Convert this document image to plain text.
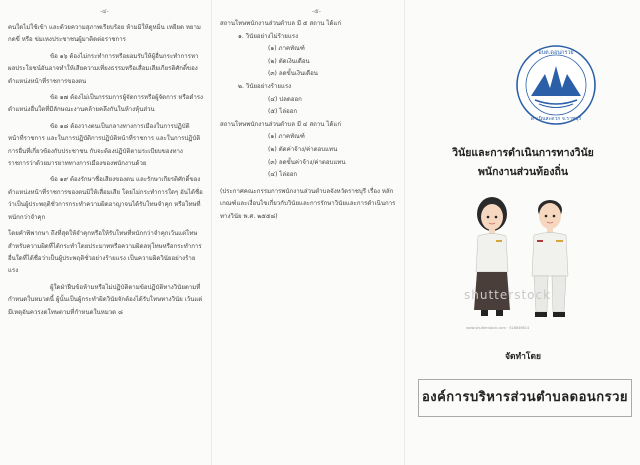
-๔-

คนใดไม่ใช้เข้า และด้วยความสุภาพเรียบร้อย ห้ามมิให้ดูหมิ่น เหยียด หยาม กดขี่ หรือ ข่มเหงประชาชนผู้มาติดต่อราชการ

ข้อ ๑๖ ต้องไม่กระทำการหรือยอมรับให้ผู้อื่นกระทำการหาผลประโยชน์อันอาจทำให้เสียความเที่ยงธรรมหรือเสื่อมเสียเกียรติศักดิ์ของตำแหน่งหน้าที่ราชการของตน

ข้อ ๑๗ ต้องไม่เป็นกรรมการผู้จัดการหรือผู้จัดการ หรือดำรงตำแหน่งอื่นใดที่มีลักษณะงานคล้ายคลึงกันในห้างหุ้นส่วน

ข้อ ๑๘ ต้องวางตนเป็นกลางทางการเมืองในการปฏิบัติหน้าที่ราชการ และในการปฏิบัติการปฏิบัติหน้าที่ราชการ และในการปฏิบัติการอื่นที่เกี่ยวข้องกับประชาชน กับจะต้องปฏิบัติตามระเบียบของทางราชการว่าด้วยมารยาททางการเมืองของพนักงานด้วย

ข้อ ๑๙ ต้องรักษาชื่อเสียงของตน และรักษาเกียรติศักดิ์ของตำแหน่งหน้าที่ราชการของตนมิให้เสื่อมเสีย โดยไม่กระทำการใดๆ อันได้ชื่อว่าเป็นผู้ประพฤติชั่วการกระทำความผิดอาญาจนได้รับโทษจำคุก หรือโทษที่หนักกว่าจำคุก

โดยคำพิพากษา ถึงที่สุดให้จำคุกหรือให้รับโทษที่หนักกว่าจำคุกเว้นแต่โทษสำหรับความผิดที่ได้กระทำโดยประมาทหรือความผิดลหุโทษหรือกระทำการอื่นใดที่ได้ชื่อว่าเป็นผู้ประพฤติชั่วอย่างร้ายแรง เป็นความผิดวินัยอย่างร้ายแรง

ผู้ใดฝ่าฝืนข้อห้ามหรือไม่ปฏิบัติตามข้อปฏิบัติทางวินัยตามที่กำหนดในหมวดนี้ ผู้นั้นเป็นผู้กระทำผิดวินัยจักต้องได้รับโทษทางวินัย เว้นแต่มีเหตุอันควรงดโทษตามที่กำหนดในหมวด ๘

-๕-

สถานโทษพนักงานส่วนตำบล มี ๕ สถาน ได้แก่

๑. วินัยอย่างไม่ร้ายแรง

(๑) ภาคทัณฑ์

(๒) ตัดเงินเดือน

(๓) ลดขั้นเงินเดือน

๒. วินัยอย่างร้ายแรง

(๔) ปลดออก

(๕) ไล่ออก

สถานโทษพนักงานส่วนตำบล มี ๔ สถาน ได้แก่

(๑) ภาคทัณฑ์

(๒) ตัดค่าจ้าง/ค่าตอบแทน

(๓) ลดขั้นค่าจ้าง/ค่าตอบแทน

(๔) ไล่ออก

(ประกาศคณะกรรมการพนักงานส่วนตำบลจังหวัดราชบุรี เรื่อง หลักเกณฑ์และเงื่อนไขเกี่ยวกับวินัยและการรักษาวินัยและการดำเนินการทางวินัย พ.ศ. ๒๕๕๘)

อบต.ดอนกรวย
ดำเนินสะดวก จ.ราชบุรี
วินัยและการดำเนินการทางวินัย
พนักงานส่วนท้องถิ่น
shutterstock
www.shutterstock.com · 528846614
จัดทำโดย
องค์การบริหารส่วนตำบลดอนกรวย
